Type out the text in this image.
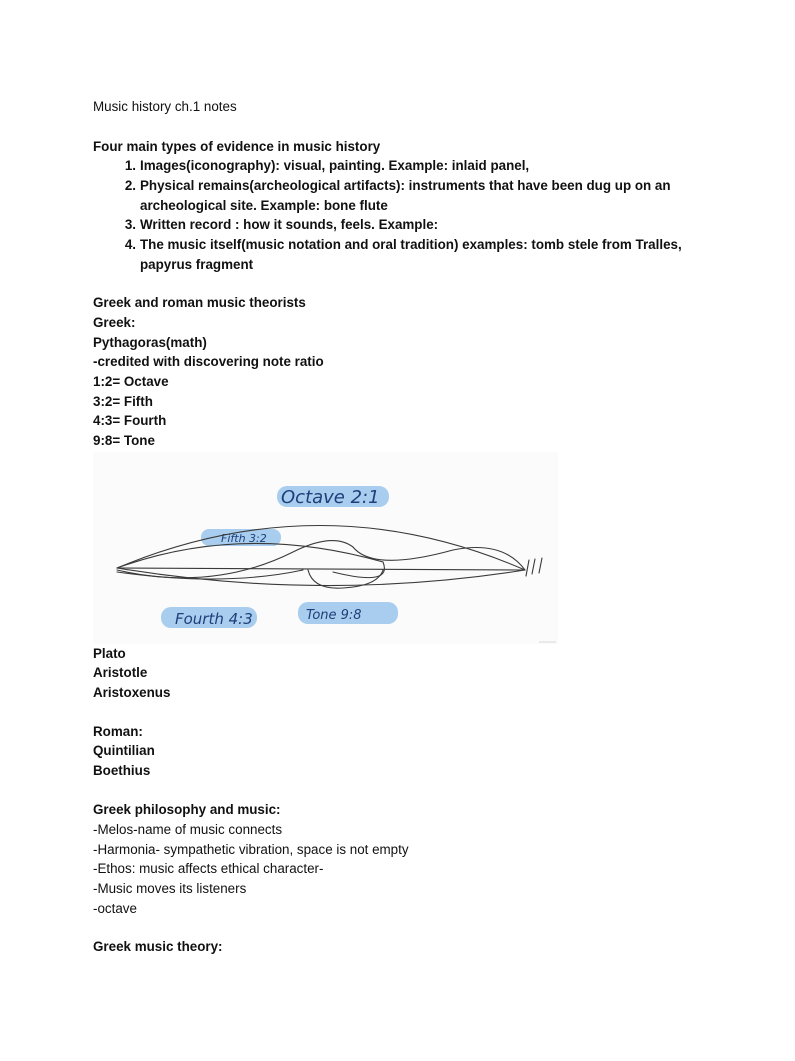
Music history ch.1 notes
Four main types of evidence in music history
1. Images(iconography): visual, painting. Example: inlaid panel,
2. Physical remains(archeological artifacts): instruments that have been dug up on an
archeological site. Example: bone flute
3. Written record : how it sounds, feels. Example:
4. The music itself(music notation and oral tradition) examples: tomb stele from Tralles,
papyrus fragment
Greek and roman music theorists
Greek:
Pythagoras(math)
-credited with discovering note ratio
1:2= Octave
3:2= Fifth
4:3= Fourth
9:8= Tone
Octave 2:1
Fifth 3:2
Fourth 4:3	Tone 9:8
Plato
Aristotle
Aristoxenus
Roman:
Quintilian
Boethius
Greek philosophy and music:
-Melos-name of music connects
-Harmonia- sympathetic vibration, space is not empty
-Ethos: music affects ethical character-
-Music moves its listeners
-octave
Greek music theory:
